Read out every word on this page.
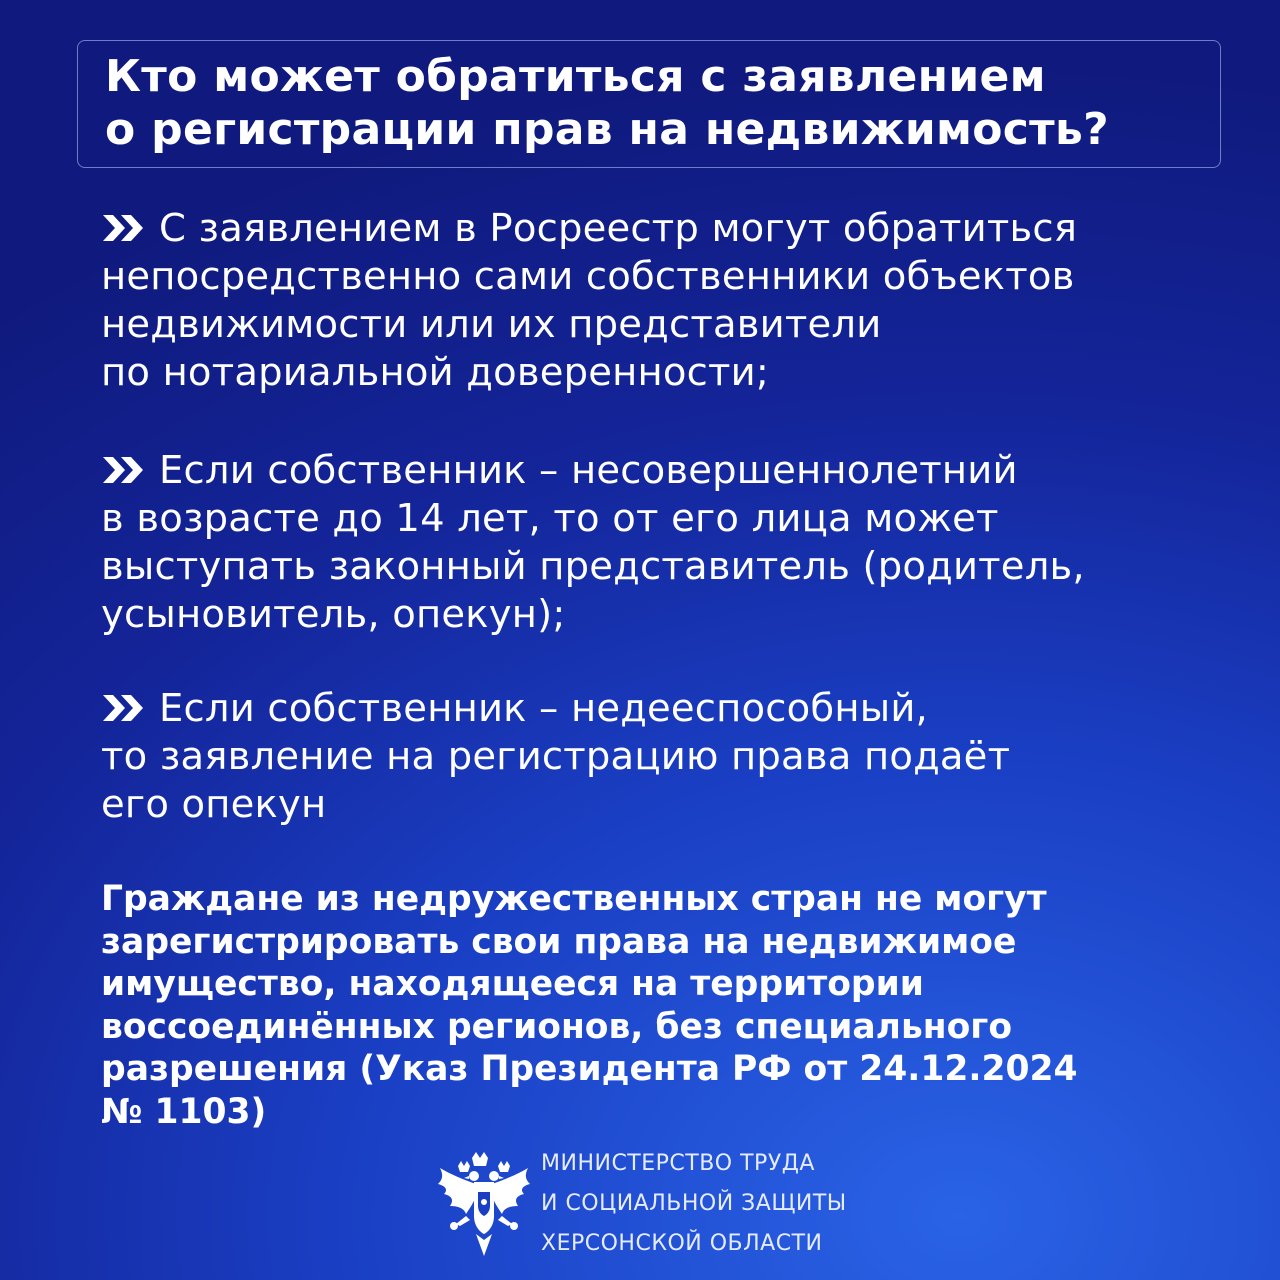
Кто может обратиться с заявлением
о регистрации прав на недвижимость?
С заявлением в Росреестр могут обратиться
непосредственно сами собственники объектов
недвижимости или их представители
по нотариальной доверенности;
Если собственник – несовершеннолетний
в возрасте до 14 лет, то от его лица может
выступать законный представитель (родитель,
усыновитель, опекун);
Если собственник – недееспособный,
то заявление на регистрацию права подаёт
его опекун
Граждане из недружественных стран не могут
зарегистрировать свои права на недвижимое
имущество, находящееся на территории
воссоединённых регионов, без специального
разрешения (Указ Президента РФ от 24.12.2024
№ 1103)
МИНИСТЕРСТВО ТРУДА
И СОЦИАЛЬНОЙ ЗАЩИТЫ
ХЕРСОНСКОЙ ОБЛАСТИ
